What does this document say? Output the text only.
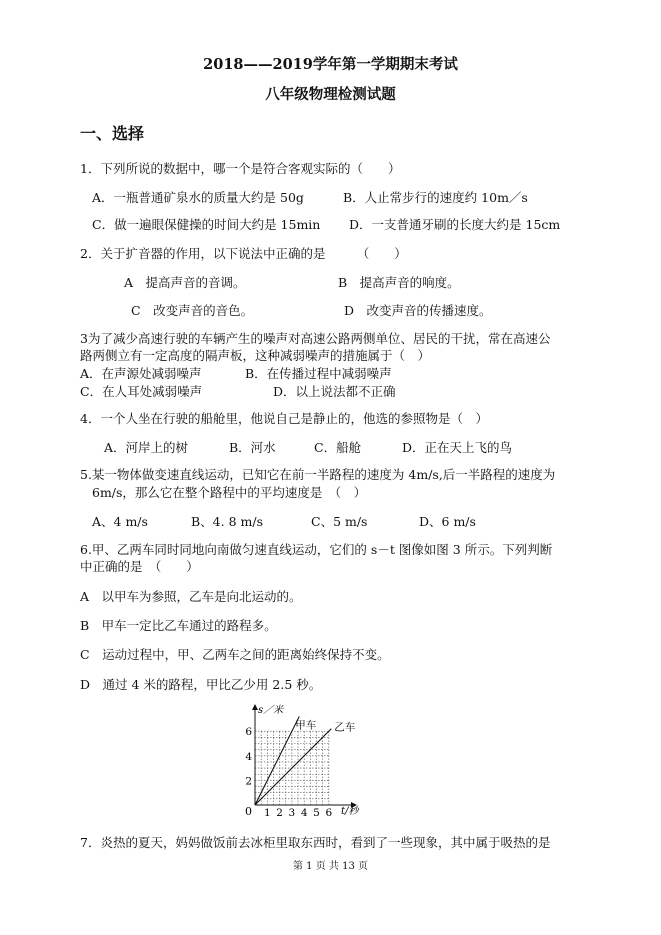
2018——2019学年第一学期期末考试
八年级物理检测试题
一、选择
1．下列所说的数据中，哪一个是符合客观实际的（　　）
A．一瓶普通矿泉水的质量大约是 50g	B．人止常步行的速度约 10m／s
C．做一遍眼保健操的时间大约是 15min D．一支普通牙刷的长度大约是 15cm
2．关于扩音器的作用，以下说法中正确的是　　　（　　）
A　提高声音的音调。	B　提高声音的响度。
C　改变声音的音色。	D　改变声音的传播速度。
3为了减少高速行驶的车辆产生的噪声对高速公路两侧单位、居民的干扰，常在高速公
路两侧立有一定高度的隔声板，这种减弱噪声的措施属于（　）
A．在声源处减弱噪声	B．在传播过程中减弱噪声
C．在人耳处减弱噪声	D．以上说法都不正确
4．一个人坐在行驶的船舱里，他说自己是静止的，他选的参照物是（　）
A．河岸上的树	B．河水	C．船舱	D．正在天上飞的鸟
5.某一物体做变速直线运动，已知它在前一半路程的速度为 4m/s,后一半路程的速度为
6m/s，那么它在整个路程中的平均速度是　（　）
A、4 m/s	B、4. 8 m/s	C、5 m/s	D、6 m/s
6.甲、乙两车同时同地向南做匀速直线运动，它们的 s－t 图像如图 3 所示。下列判断
中正确的是　（　　）
A　以甲车为参照，乙车是向北运动的。
B　甲车一定比乙车通过的路程多。
C　运动过程中，甲、乙两车之间的距离始终保持不变。
D　通过 4 米的路程，甲比乙少用 2.5 秒。
1 2 3 4 5 6
2
4
6
甲车 乙车
s／米
t/秒
0
7．炎热的夏天，妈妈做饭前去冰柜里取东西时，看到了一些现象，其中属于吸热的是
第 1 页 共 13 页
